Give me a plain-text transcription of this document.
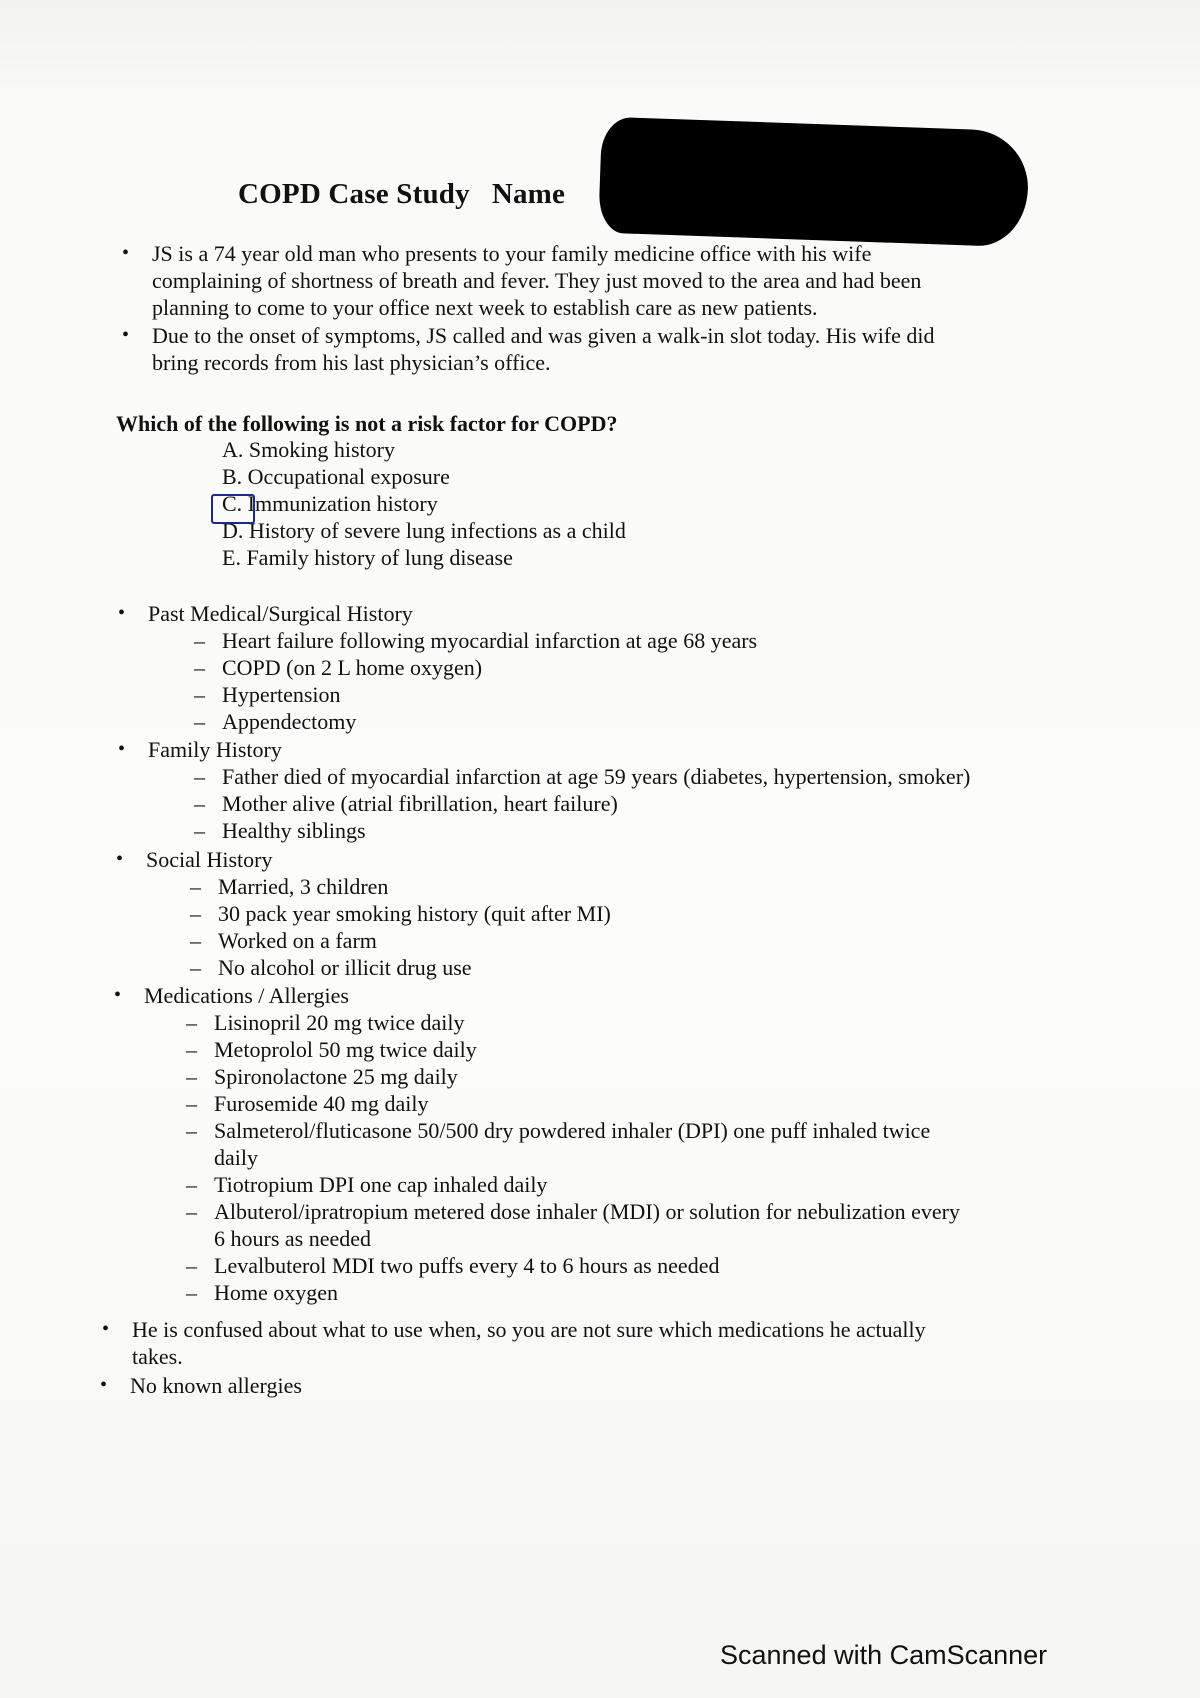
COPD Case Study Name
• JS is a 74 year old man who presents to your family medicine office with his wife
complaining of shortness of breath and fever. They just moved to the area and had been
planning to come to your office next week to establish care as new patients.
• Due to the onset of symptoms, JS called and was given a walk-in slot today. His wife did
bring records from his last physician’s office.
Which of the following is not a risk factor for COPD?
A. Smoking history
B. Occupational exposure
C. Immunization history
D. History of severe lung infections as a child
E. Family history of lung disease
• Past Medical/Surgical History
– Heart failure following myocardial infarction at age 68 years
– COPD (on 2 L home oxygen)
– Hypertension
– Appendectomy
• Family History
– Father died of myocardial infarction at age 59 years (diabetes, hypertension, smoker)
– Mother alive (atrial fibrillation, heart failure)
– Healthy siblings
• Social History
– Married, 3 children
– 30 pack year smoking history (quit after MI)
– Worked on a farm
– No alcohol or illicit drug use
• Medications / Allergies
– Lisinopril 20 mg twice daily
– Metoprolol 50 mg twice daily
– Spironolactone 25 mg daily
– Furosemide 40 mg daily
– Salmeterol/fluticasone 50/500 dry powdered inhaler (DPI) one puff inhaled twice
daily
– Tiotropium DPI one cap inhaled daily
– Albuterol/ipratropium metered dose inhaler (MDI) or solution for nebulization every
6 hours as needed
– Levalbuterol MDI two puffs every 4 to 6 hours as needed
– Home oxygen
• He is confused about what to use when, so you are not sure which medications he actually
takes.
• No known allergies
Scanned with CamScanner
